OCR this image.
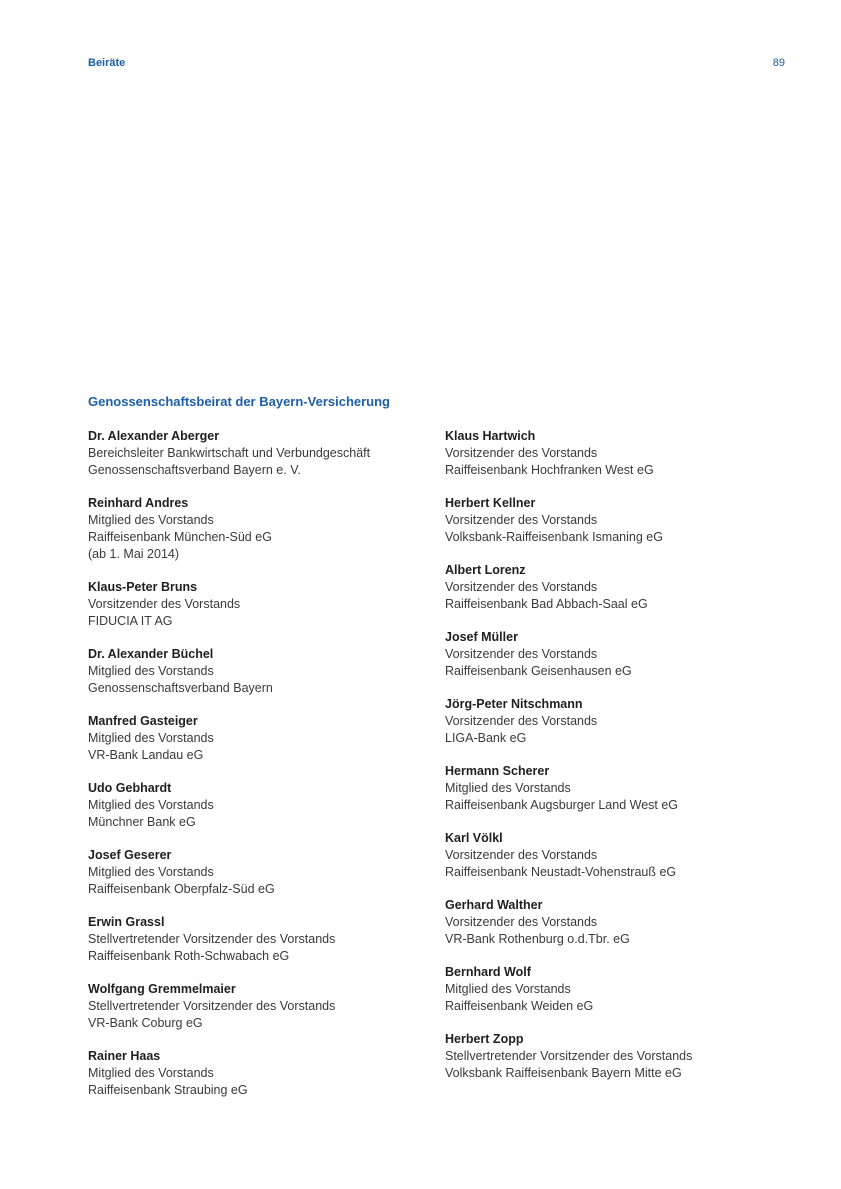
Beiräte	89
Genossenschaftsbeirat der Bayern-Versicherung
Dr. Alexander Aberger
Bereichsleiter Bankwirtschaft und Verbundgeschäft
Genossenschaftsverband Bayern e. V.
Reinhard Andres
Mitglied des Vorstands
Raiffeisenbank München-Süd eG
(ab 1. Mai 2014)
Klaus-Peter Bruns
Vorsitzender des Vorstands
FIDUCIA IT AG
Dr. Alexander Büchel
Mitglied des Vorstands
Genossenschaftsverband Bayern
Manfred Gasteiger
Mitglied des Vorstands
VR-Bank Landau eG
Udo Gebhardt
Mitglied des Vorstands
Münchner Bank eG
Josef Geserer
Mitglied des Vorstands
Raiffeisenbank Oberpfalz-Süd eG
Erwin Grassl
Stellvertretender Vorsitzender des Vorstands
Raiffeisenbank Roth-Schwabach eG
Wolfgang Gremmelmaier
Stellvertretender Vorsitzender des Vorstands
VR-Bank Coburg eG
Rainer Haas
Mitglied des Vorstands
Raiffeisenbank Straubing eG
Klaus Hartwich
Vorsitzender des Vorstands
Raiffeisenbank Hochfranken West eG
Herbert Kellner
Vorsitzender des Vorstands
Volksbank-Raiffeisenbank Ismaning eG
Albert Lorenz
Vorsitzender des Vorstands
Raiffeisenbank Bad Abbach-Saal eG
Josef Müller
Vorsitzender des Vorstands
Raiffeisenbank Geisenhausen eG
Jörg-Peter Nitschmann
Vorsitzender des Vorstands
LIGA-Bank eG
Hermann Scherer
Mitglied des Vorstands
Raiffeisenbank Augsburger Land West eG
Karl Völkl
Vorsitzender des Vorstands
Raiffeisenbank Neustadt-Vohenstrauß eG
Gerhard Walther
Vorsitzender des Vorstands
VR-Bank Rothenburg o.d.Tbr. eG
Bernhard Wolf
Mitglied des Vorstands
Raiffeisenbank Weiden eG
Herbert Zopp
Stellvertretender Vorsitzender des Vorstands
Volksbank Raiffeisenbank Bayern Mitte eG
